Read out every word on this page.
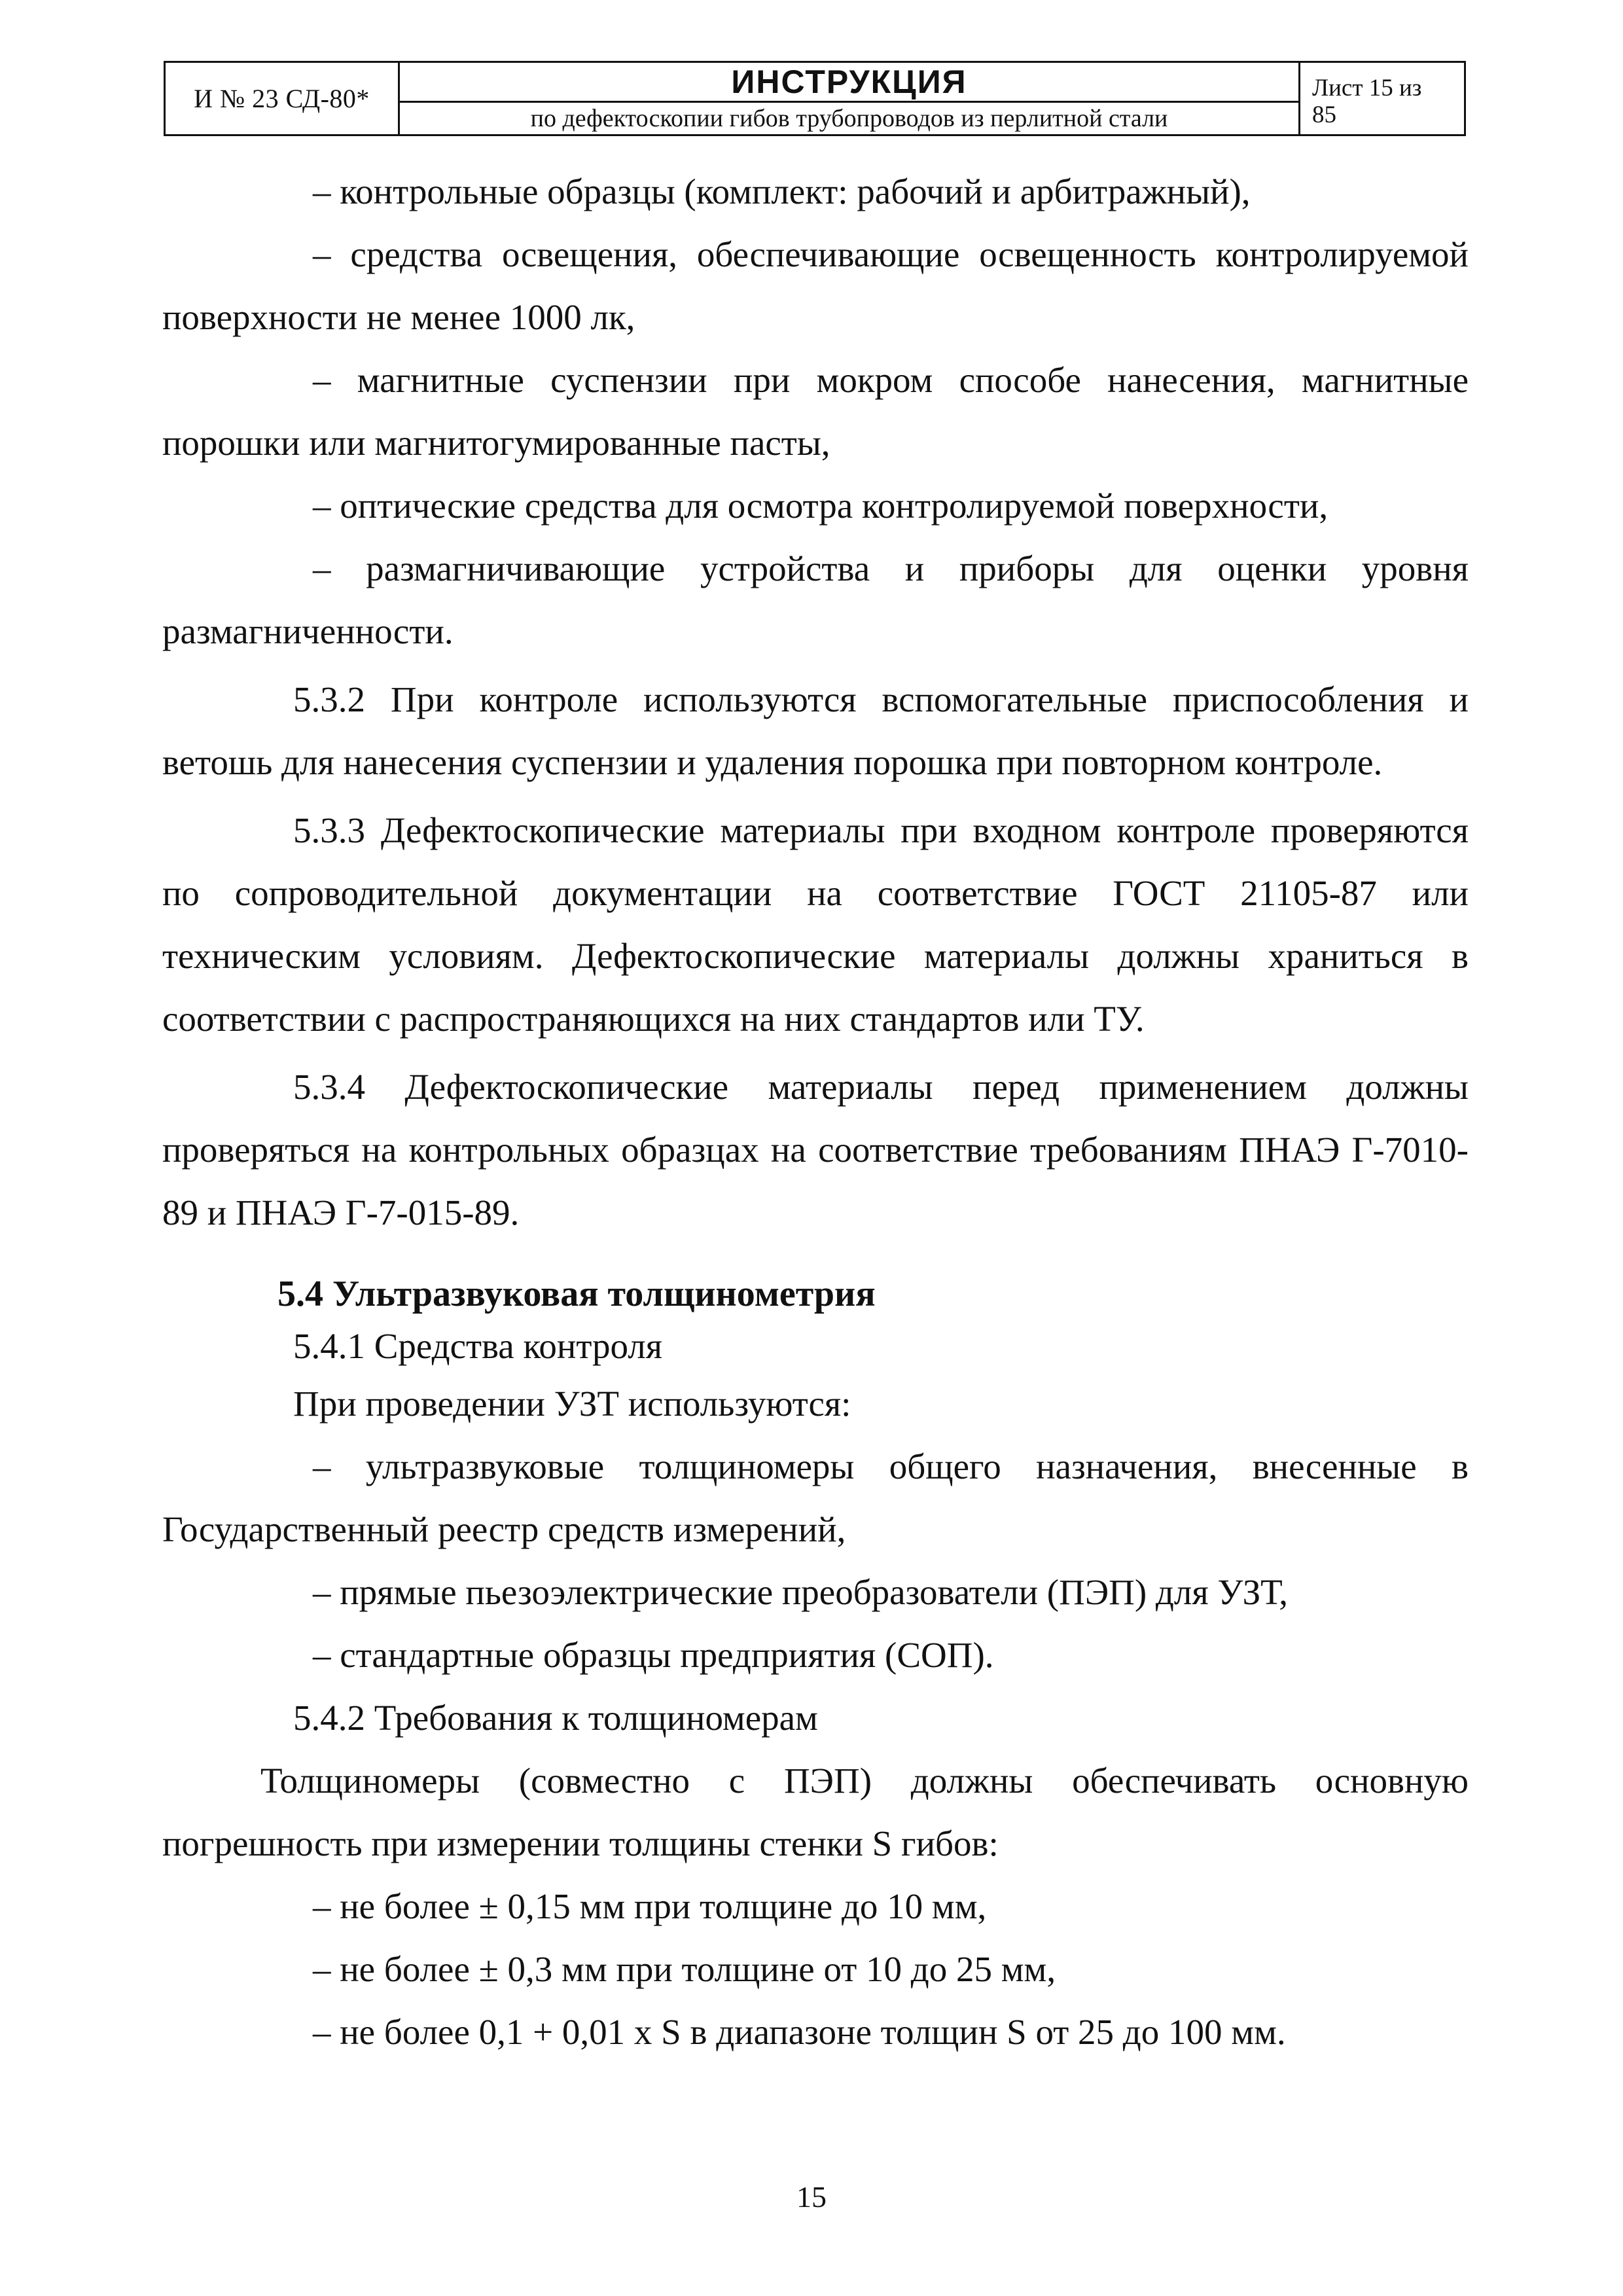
И № 23 СД-80*	ИНСТРУКЦИЯ
по дефектоскопии гибов трубопроводов из перлитной стали
Лист 15 из
85

– контрольные образцы (комплект: рабочий и арбитражный),

– средства освещения, обеспечивающие освещенность контролируемой поверхности не менее 1000 лк,

– магнитные суспензии при мокром способе нанесения, магнитные порошки или магнитогумированные пасты,

– оптические средства для осмотра контролируемой поверхности,

– размагничивающие устройства и приборы для оценки уровня размагниченности.

5.3.2 При контроле используются вспомогательные приспособления и ветошь для нанесения суспензии и удаления порошка при повторном контроле.

5.3.3 Дефектоскопические материалы при входном контроле проверяются по сопроводительной документации на соответствие ГОСТ 21105-87 или техническим условиям. Дефектоскопические материалы должны храниться в соответствии с распространяющихся на них стандартов или ТУ.

5.3.4 Дефектоскопические материалы перед применением должны проверяться на контрольных образцах на соответствие требованиям ПНАЭ Г-7010-89 и ПНАЭ Г-7-015-89.

5.4 Ультразвуковая толщинометрия

5.4.1 Средства контроля

При проведении УЗТ используются:

– ультразвуковые толщиномеры общего назначения, внесенные в Государственный реестр средств измерений,

– прямые пьезоэлектрические преобразователи (ПЭП) для УЗТ,

– стандартные образцы предприятия (СОП).

5.4.2 Требования к толщиномерам

Толщиномеры (совместно с ПЭП) должны обеспечивать основную погрешность при измерении толщины стенки S гибов:

– не более ± 0,15 мм при толщине до 10 мм,

– не более ± 0,3 мм при толщине от 10 до 25 мм,

– не более 0,1 + 0,01 х S в диапазоне толщин S от 25 до 100 мм.

15
